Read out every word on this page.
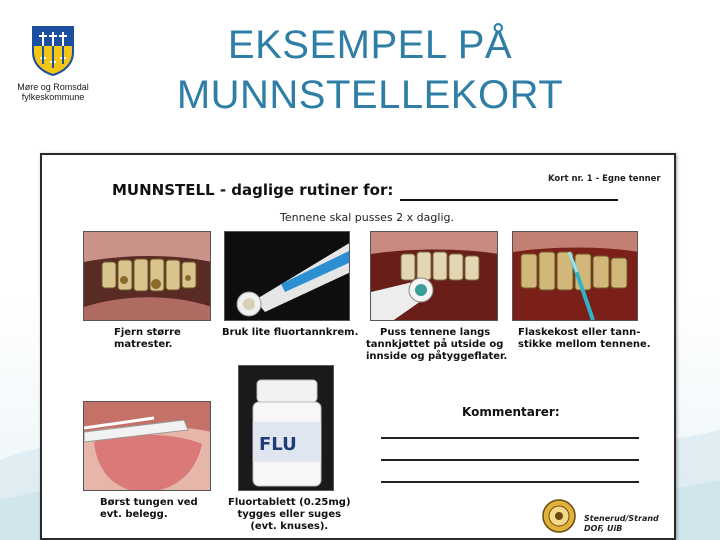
Møre og Romsdal
fylkeskommune
EKSEMPEL PÅ
MUNNSTELLEKORT
MUNNSTELL - daglige rutiner for:
Kort nr. 1 - Egne tenner
Tennene skal pusses 2 x daglig.
Fjern større
matrester.
Bruk lite fluortannkrem.	Puss tennene langs
tannkjøttet på utside og
innside og påtyggeflater.
Flaskekost eller tann-
stikke mellom tennene.
Børst tungen ved
evt. belegg.
FLU
Fluortablett (0.25mg)
tygges eller suges
(evt. knuses).
Kommentarer:
Stenerud/Strand
DOF, UiB
